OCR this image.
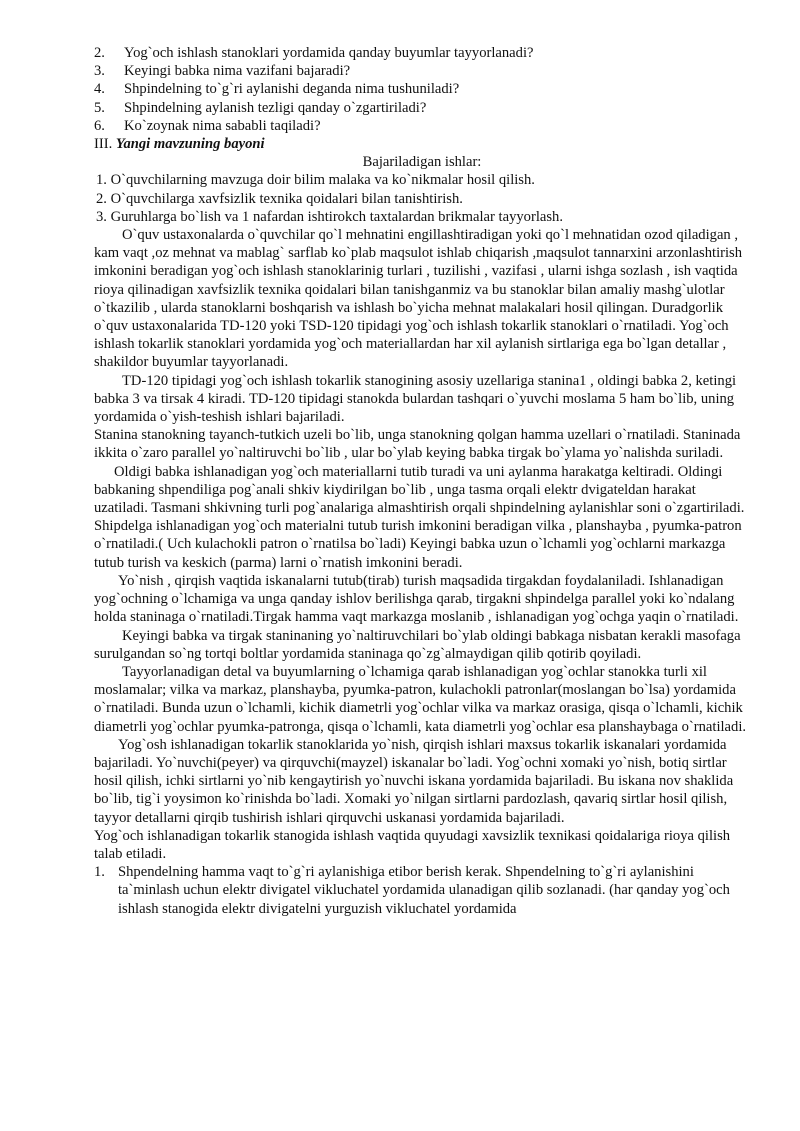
2. Yog`och ishlash stanoklari yordamida qanday buyumlar tayyorlanadi?
3. Keyingi babka nima vazifani bajaradi?
4. Shpindelning to`g`ri aylanishi deganda nima tushuniladi?
5. Shpindelning aylanish tezligi qanday o`zgartiriladi?
6. Ko`zoynak nima sababli taqiladi?
III. Yangi mavzuning bayoni
Bajariladigan ishlar:
1. O`quvchilarning mavzuga doir bilim malaka va ko`nikmalar hosil qilish.
2. O`quvchilarga xavfsizlik texnika qoidalari bilan tanishtirish.
3. Guruhlarga bo`lish va 1 nafardan ishtirokch taxtalardan brikmalar tayyorlash.
O`quv ustaxonalarda o`quvchilar qo`l mehnatini engillashtiradigan yoki qo`l mehnatidan ozod qiladigan , kam vaqt ,oz mehnat va mablag` sarflab ko`plab maqsulot ishlab chiqarish ,maqsulot tannarxini arzonlashtirish imkonini beradigan yog`och ishlash stanoklarinig turlari , tuzilishi , vazifasi , ularni ishga sozlash , ish vaqtida rioya qilinadigan xavfsizlik texnika qoidalari bilan tanishganmiz va bu stanoklar bilan amaliy mashg`ulotlar o`tkazilib , ularda stanoklarni boshqarish va ishlash bo`yicha mehnat malakalari hosil qilingan. Duradgorlik o`quv ustaxonalarida TD-120 yoki TSD-120 tipidagi yog`och ishlash tokarlik stanoklari o`rnatiladi. Yog`och ishlash tokarlik stanoklari yordamida yog`och materiallardan har xil aylanish sirtlariga ega bo`lgan detallar , shakildor buyumlar tayyorlanadi.
TD-120 tipidagi yog`och ishlash tokarlik stanogining asosiy uzellariga stanina1 , oldingi babka 2, ketingi babka 3 va tirsak 4 kiradi. TD-120 tipidagi stanokda bulardan tashqari o`yuvchi moslama 5 ham bo`lib, uning yordamida o`yish-teshish ishlari bajariladi.
Stanina stanokning tayanch-tutkich uzeli bo`lib, unga stanokning qolgan hamma uzellari o`rnatiladi. Staninada ikkita o`zaro parallel yo`naltiruvchi bo`lib , ular bo`ylab keying babka tirgak bo`ylama yo`nalishda suriladi.
Oldigi babka ishlanadigan yog`och materiallarni tutib turadi va uni aylanma harakatga keltiradi. Oldingi babkaning shpendiliga pog`anali shkiv kiydirilgan bo`lib , unga tasma orqali elektr dvigateldan harakat uzatiladi. Tasmani shkivning turli pog`analariga almashtirish orqali shpindelning aylanishlar soni o`zgartiriladi. Shipdelga ishlanadigan yog`och materialni tutub turish imkonini beradigan vilka , planshayba , pyumka-patron o`rnatiladi.( Uch kulachokli patron o`rnatilsa bo`ladi) Keyingi babka uzun o`lchamli yog`ochlarni markazga tutub turish va keskich (parma) larni o`rnatish imkonini beradi.
Yo`nish , qirqish vaqtida iskanalarni tutub(tirab) turish maqsadida tirgakdan foydalaniladi. Ishlanadigan yog`ochning o`lchamiga va unga qanday ishlov berilishga qarab, tirgakni shpindelga parallel yoki ko`ndalang holda staninaga o`rnatiladi.Tirgak hamma vaqt markazga moslanib , ishlanadigan yog`ochga yaqin o`rnatiladi.
Keyingi babka va tirgak staninaning yo`naltiruvchilari bo`ylab oldingi babkaga nisbatan kerakli masofaga surulgandan so`ng tortqi boltlar yordamida staninaga qo`zg`almaydigan qilib qotirib qoyiladi.
Tayyorlanadigan detal va buyumlarning o`lchamiga qarab ishlanadigan yog`ochlar stanokka turli xil moslamalar; vilka va markaz, planshayba, pyumka-patron, kulachokli patronlar(moslangan bo`lsa) yordamida o`rnatiladi. Bunda uzun o`lchamli, kichik diametrli yog`ochlar vilka va markaz orasiga, qisqa o`lchamli, kichik diametrli yog`ochlar pyumka-patronga, qisqa o`lchamli, kata diametrli yog`ochlar esa planshaybaga o`rnatiladi.
Yog`osh ishlanadigan tokarlik stanoklarida yo`nish, qirqish ishlari maxsus tokarlik iskanalari yordamida bajariladi. Yo`nuvchi(peyer) va qirquvchi(mayzel) iskanalar bo`ladi. Yog`ochni xomaki yo`nish, botiq sirtlar hosil qilish, ichki sirtlarni yo`nib kengaytirish yo`nuvchi iskana yordamida bajariladi. Bu iskana nov shaklida bo`lib, tig`i yoysimon ko`rinishda bo`ladi. Xomaki yo`nilgan sirtlarni pardozlash, qavariq sirtlar hosil qilish, tayyor detallarni qirqib tushirish ishlari qirquvchi uskanasi yordamida bajariladi.
Yog`och ishlanadigan tokarlik stanogida ishlash vaqtida quyudagi xavsizlik texnikasi qoidalariga rioya qilish talab etiladi.
1. Shpendelning hamma vaqt to`g`ri aylanishiga etibor berish kerak. Shpendelning to`g`ri aylanishini ta`minlash uchun elektr divigatel vikluchatel yordamida ulanadigan qilib sozlanadi. (har qanday yog`och ishlash stanogida elektr divigatelni yurguzish vikluchatel yordamida
